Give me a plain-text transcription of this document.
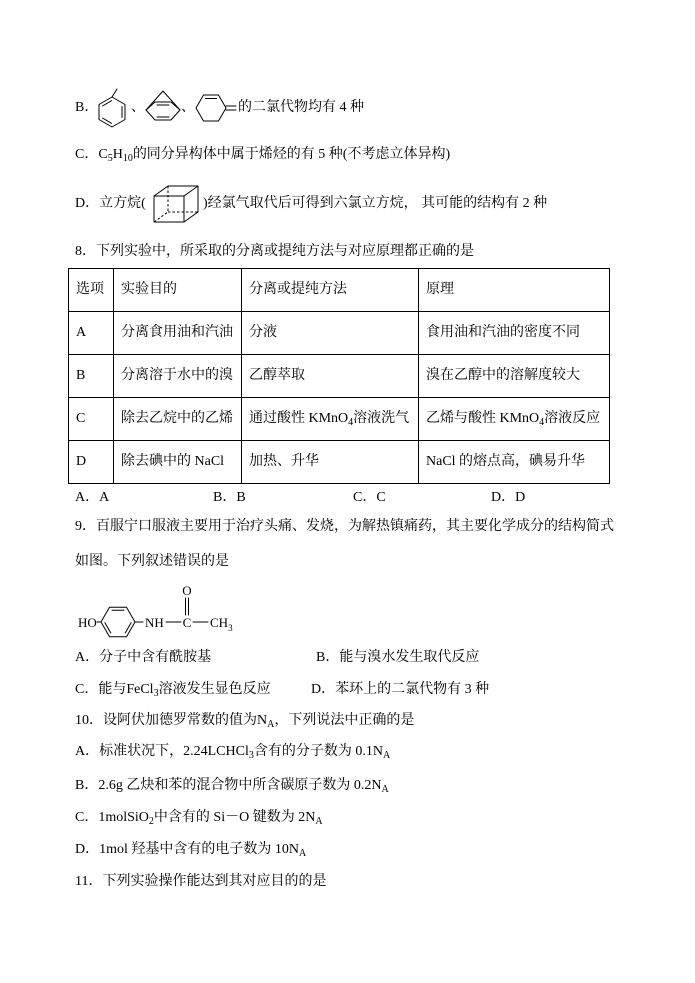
B． 、	、	的二氯代物均有 4 种
C．$C_5H_{10}$的同分异构体中属于烯烃的有 5 种(不考虑立体异构)
D．立方烷(	)经氯气取代后可得到六氯立方烷， 其可能的结构有 2 种
8．下列实验中，所采取的分离或提纯方法与对应原理都正确的是
选项	实验目的	分离或提纯方法	原理
A	分离食用油和汽油	分液	食用油和汽油的密度不同
B	分离溶于水中的溴	乙醇萃取	溴在乙醇中的溶解度较大
C	除去乙烷中的乙烯	通过酸性 KMnO$_4$溶液洗气	乙烯与酸性 KMnO$_4$溶液反应
D	除去碘中的 NaCl	加热、升华	NaCl 的熔点高，碘易升华
A．A	B．B	C．C	D．D
9．百服宁口服液主要用于治疗头痛、发烧，为解热镇痛药，其主要化学成分的结构简式
如图。下列叙述错误的是
HO	NH C
O
$CH_3$
A．分子中含有酰胺基	B．能与溴水发生取代反应
C．能与FeCl$_3$溶液发生显色反应	D．苯环上的二氯代物有 3 种
10．设阿伏加德罗常数的值为$N_A$，下列说法中正确的是
A．标准状况下，2.24LCHCl$_3$含有的分子数为 $0.1N_A$
B．2.6g 乙炔和苯的混合物中所含碳原子数为 $0.2N_A$
C．1molSiO$_2$中含有的 Si－O 键数为 $2N_A$
D．1mol 羟基中含有的电子数为 $10N_A$
11．下列实验操作能达到其对应目的的是
